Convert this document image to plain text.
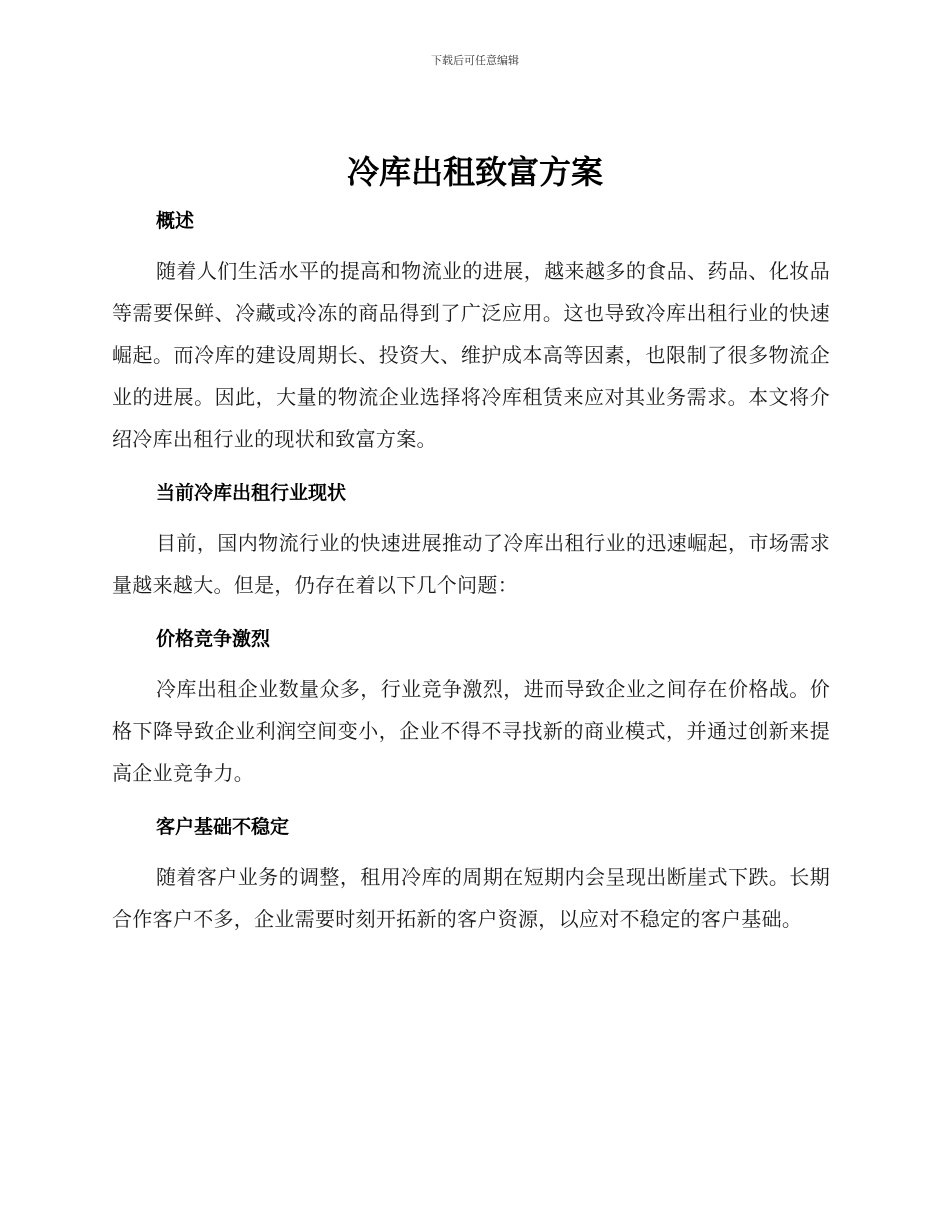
下载后可任意编辑
冷库出租致富方案
概述

随着人们生活水平的提高和物流业的进展，越来越多的食品、药品、化妆品等需要保鲜、冷藏或冷冻的商品得到了广泛应用。这也导致冷库出租行业的快速崛起。而冷库的建设周期长、投资大、维护成本高等因素，也限制了很多物流企业的进展。因此，大量的物流企业选择将冷库租赁来应对其业务需求。本文将介绍冷库出租行业的现状和致富方案。

当前冷库出租行业现状

目前，国内物流行业的快速进展推动了冷库出租行业的迅速崛起，市场需求量越来越大。但是，仍存在着以下几个问题：

价格竞争激烈

冷库出租企业数量众多，行业竞争激烈，进而导致企业之间存在价格战。价格下降导致企业利润空间变小，企业不得不寻找新的商业模式，并通过创新来提高企业竞争力。

客户基础不稳定

随着客户业务的调整，租用冷库的周期在短期内会呈现出断崖式下跌。长期合作客户不多，企业需要时刻开拓新的客户资源，以应对不稳定的客户基础。
